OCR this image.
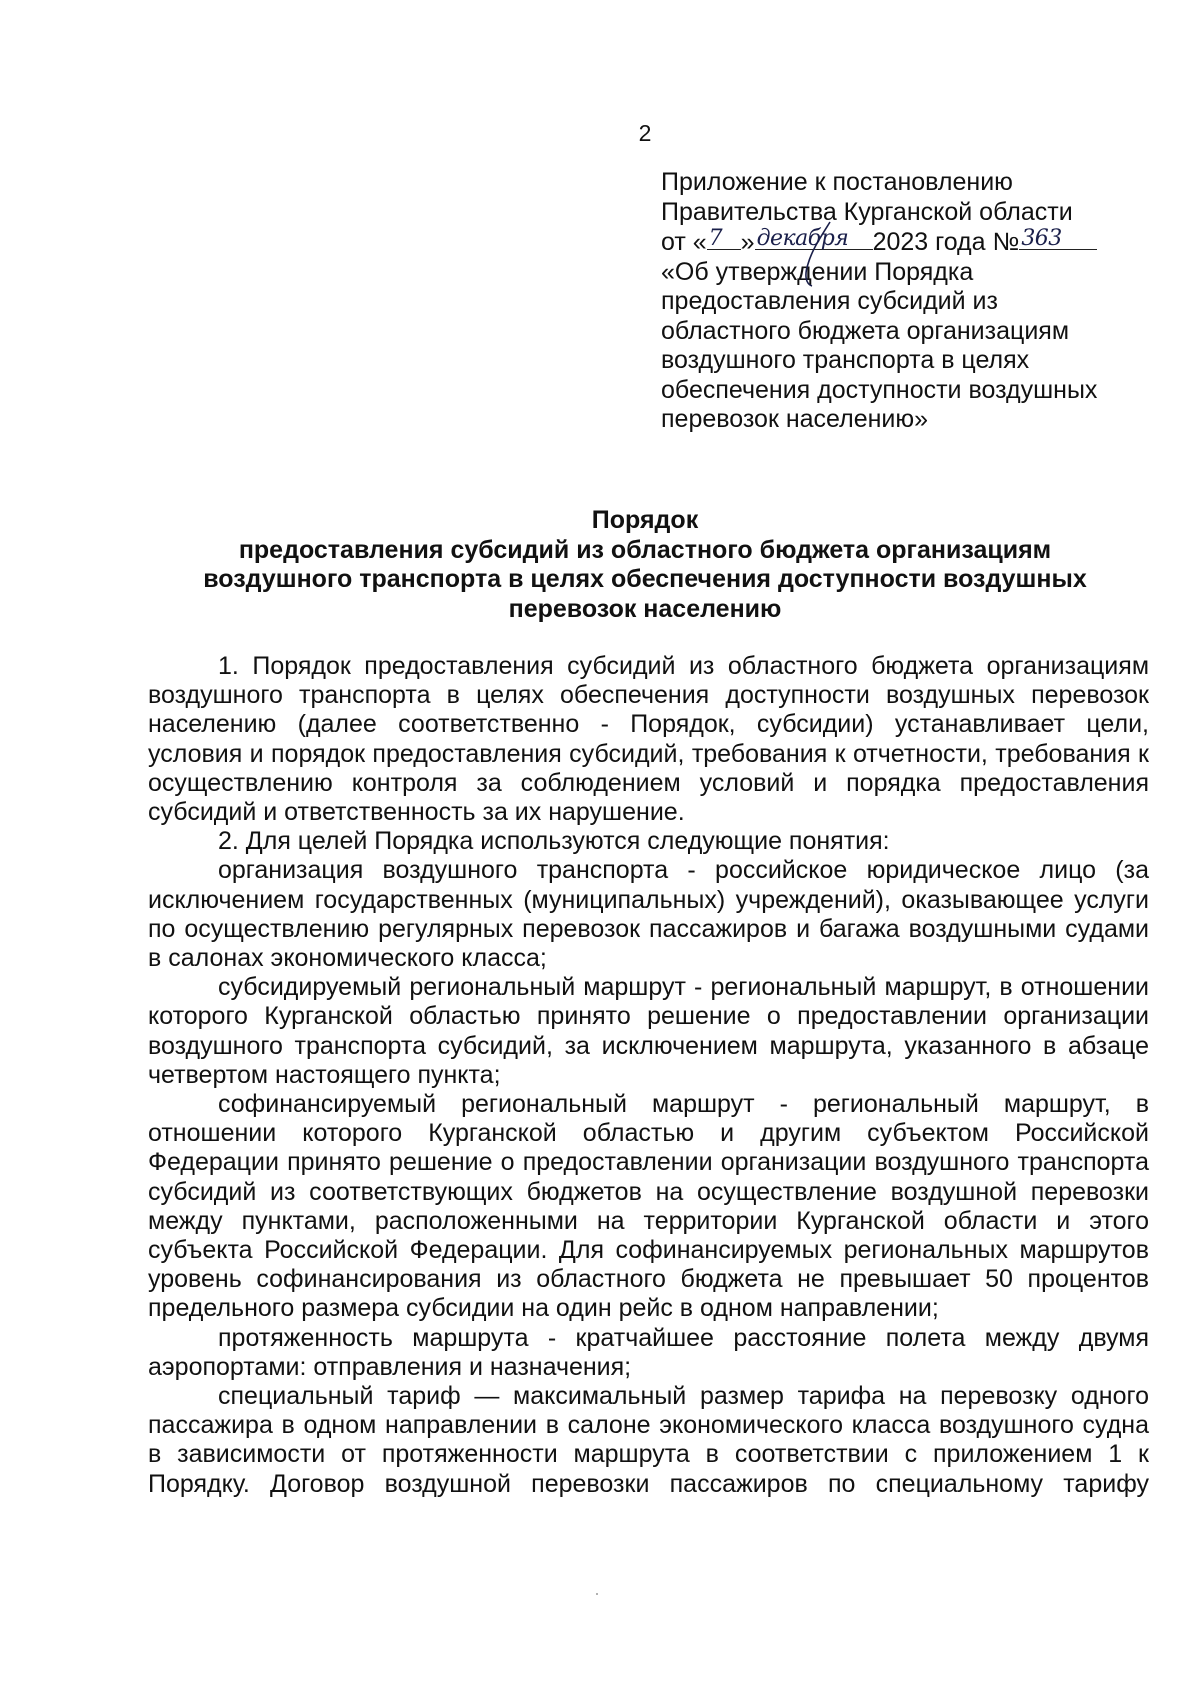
2
Приложение к постановлению
Правительства Курганской области
от « 7 » декабря 2023 года № 363
«Об утверждении Порядка
предоставления субсидий из
областного бюджета организациям
воздушного транспорта в целях
обеспечения доступности воздушных
перевозок населению»
Порядок
предоставления субсидий из областного бюджета организациям
воздушного транспорта в целях обеспечения доступности воздушных
перевозок населению

1. Порядок предоставления субсидий из областного бюджета организациям воздушного транспорта в целях обеспечения доступности воздушных перевозок населению (далее соответственно - Порядок, субсидии) устанавливает цели, условия и порядок предоставления субсидий, требования к отчетности, требования к осуществлению контроля за соблюдением условий и порядка предоставления субсидий и ответственность за их нарушение.

2. Для целей Порядка используются следующие понятия:

организация воздушного транспорта - российское юридическое лицо (за исключением государственных (муниципальных) учреждений), оказывающее услуги по осуществлению регулярных перевозок пассажиров и багажа воздушными судами в салонах экономического класса;

субсидируемый региональный маршрут - региональный маршрут, в отношении которого Курганской областью принято решение о предоставлении организации воздушного транспорта субсидий, за исключением маршрута, указанного в абзаце четвертом настоящего пункта;

софинансируемый региональный маршрут - региональный маршрут, в отношении которого Курганской областью и другим субъектом Российской Федерации принято решение о предоставлении организации воздушного транспорта субсидий из соответствующих бюджетов на осуществление воздушной перевозки между пунктами, расположенными на территории Курганской области и этого субъекта Российской Федерации. Для софинансируемых региональных маршрутов уровень софинансирования из областного бюджета не превышает 50 процентов предельного размера субсидии на один рейс в одном направлении;

протяженность маршрута - кратчайшее расстояние полета между двумя аэропортами: отправления и назначения;

специальный тариф — максимальный размер тарифа на перевозку одного пассажира в одном направлении в салоне экономического класса воздушного судна в зависимости от протяженности маршрута в соответствии с приложением 1 к Порядку. Договор воздушной перевозки пассажиров по специальному тарифу
